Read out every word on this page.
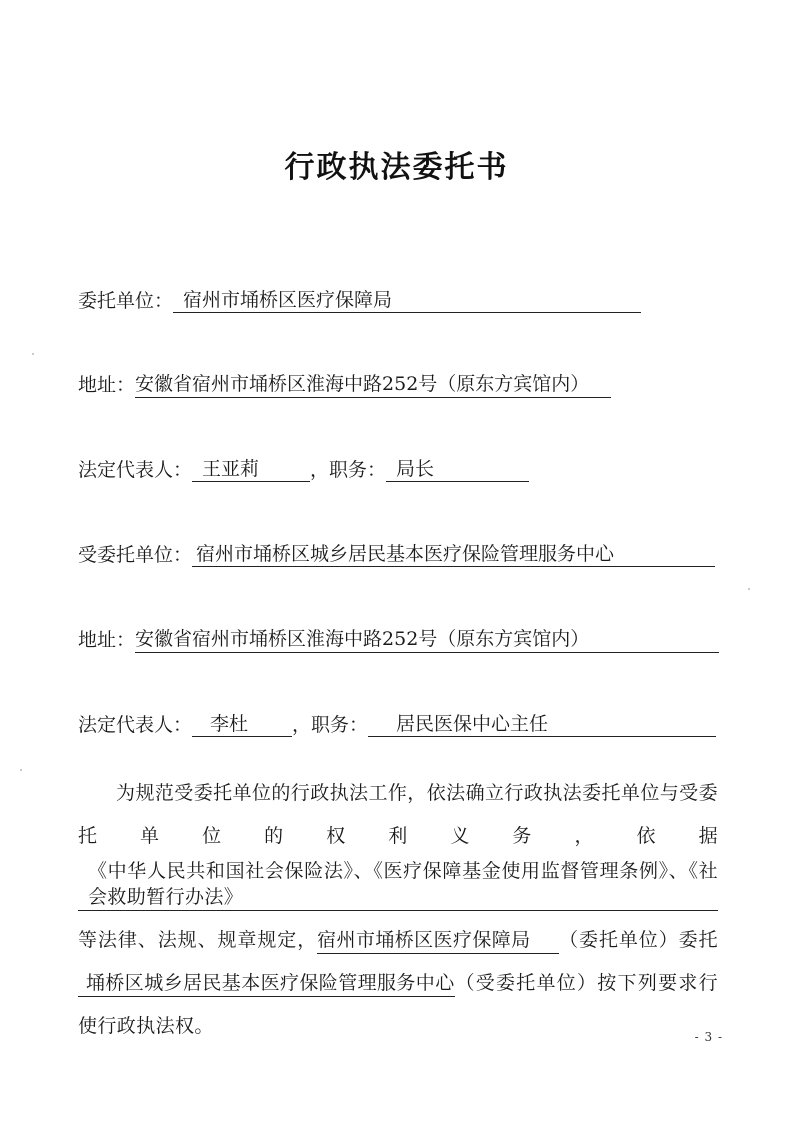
行政执法委托书
委托单位： 宿州市埇桥区医疗保障局
地址：安徽省宿州市埇桥区淮海中路252号（原东方宾馆内）
法定代表人： 王亚莉	，职务： 局长
受委托单位： 宿州市埇桥区城乡居民基本医疗保险管理服务中心
地址：安徽省宿州市埇桥区淮海中路252号（原东方宾馆内）
法定代表人： 李杜 ，职务： 居民医保中心主任
为规范受委托单位的行政执法工作，依法确立行政执法委托单位与受委托单位的权利义务，依据《中华人民共和国社会保险法》、《医疗保障基金使用监督管理条例》、《社会救助暂行办法》等法律、法规、规章规定，宿州市埇桥区医疗保障局 （委托单位）委托埇桥区城乡居民基本医疗保险管理服务中心（受委托单位）按下列要求行使行政执法权。	- 3 -
